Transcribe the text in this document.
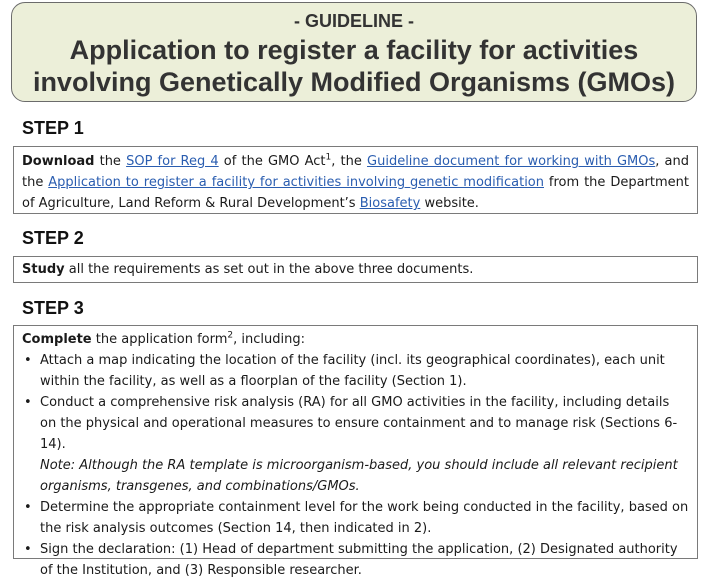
- GUIDELINE -
Application to register a facility for activities
involving Genetically Modified Organisms (GMOs)
STEP 1
Download the SOP for Reg 4 of the GMO Act$^1$, the Guideline document for working with GMOs, and the Application to register a facility for activities involving genetic modification from the Department of Agriculture, Land Reform & Rural Development’s Biosafety website.
STEP 2
Study all the requirements as set out in the above three documents.
STEP 3
Complete the application form$^2$, including:
• Attach a map indicating the location of the facility (incl. its geographical coordinates), each unit within the facility, as well as a floorplan of the facility (Section 1).
• Conduct a comprehensive risk analysis (RA) for all GMO activities in the facility, including details on the physical and operational measures to ensure containment and to manage risk (Sections 6-14).
Note: Although the RA template is microorganism-based, you should include all relevant recipient organisms, transgenes, and combinations/GMOs.
• Determine the appropriate containment level for the work being conducted in the facility, based on the risk analysis outcomes (Section 14, then indicated in 2).
• Sign the declaration: (1) Head of department submitting the application, (2) Designated authority of the Institution, and (3) Responsible researcher.
